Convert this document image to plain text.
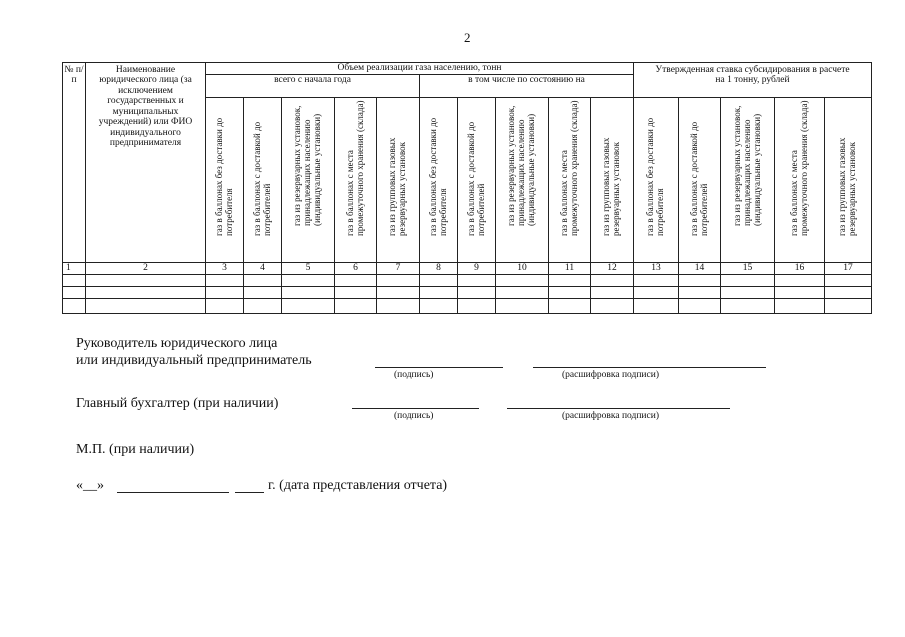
2
№ п/п	Наименование юридического лица (за исключением государственных и муниципальных учреждений) или ФИО индивидуального предпринимателя	Объем реализации газа населению, тонн										Утвержденная ставка субсидирования в расчете на 1 тонну, рублей				
		всего с начала года					в том числе по состоянию на									

		газ в баллонах без доставки до потребителя	газ в баллонах с доставкой до потребителей	газ из резервуарных установок, принадлежащих населению (индивидуальные установки)	газ в баллонах с места промежуточного хранения (склада)	газ из групповых газовых резервуарных установок	газ в баллонах без доставки до потребителя	газ в баллонах с доставкой до потребителей	газ из резервуарных установок, принадлежащих населению (индивидуальные установки)	газ в баллонах с места промежуточного хранения (склада)	газ из групповых газовых резервуарных установок	газ в баллонах без доставки до потребителя	газ в баллонах с доставкой до потребителей	газ из резервуарных установок, принадлежащих населению (индивидуальные установки)	газ в баллонах с места промежуточного хранения (склада)	газ из групповых газовых резервуарных установок

1	2	3	4	5	6	7	8	9	10	11	12	13	14	15	16	17

Руководитель юридического лица
или индивидуальный предприниматель
(подпись)	(расшифровка подписи)
Главный бухгалтер (при наличии)
(подпись)	(расшифровка подписи)
М.П. (при наличии)
«__»	г. (дата представления отчета)
